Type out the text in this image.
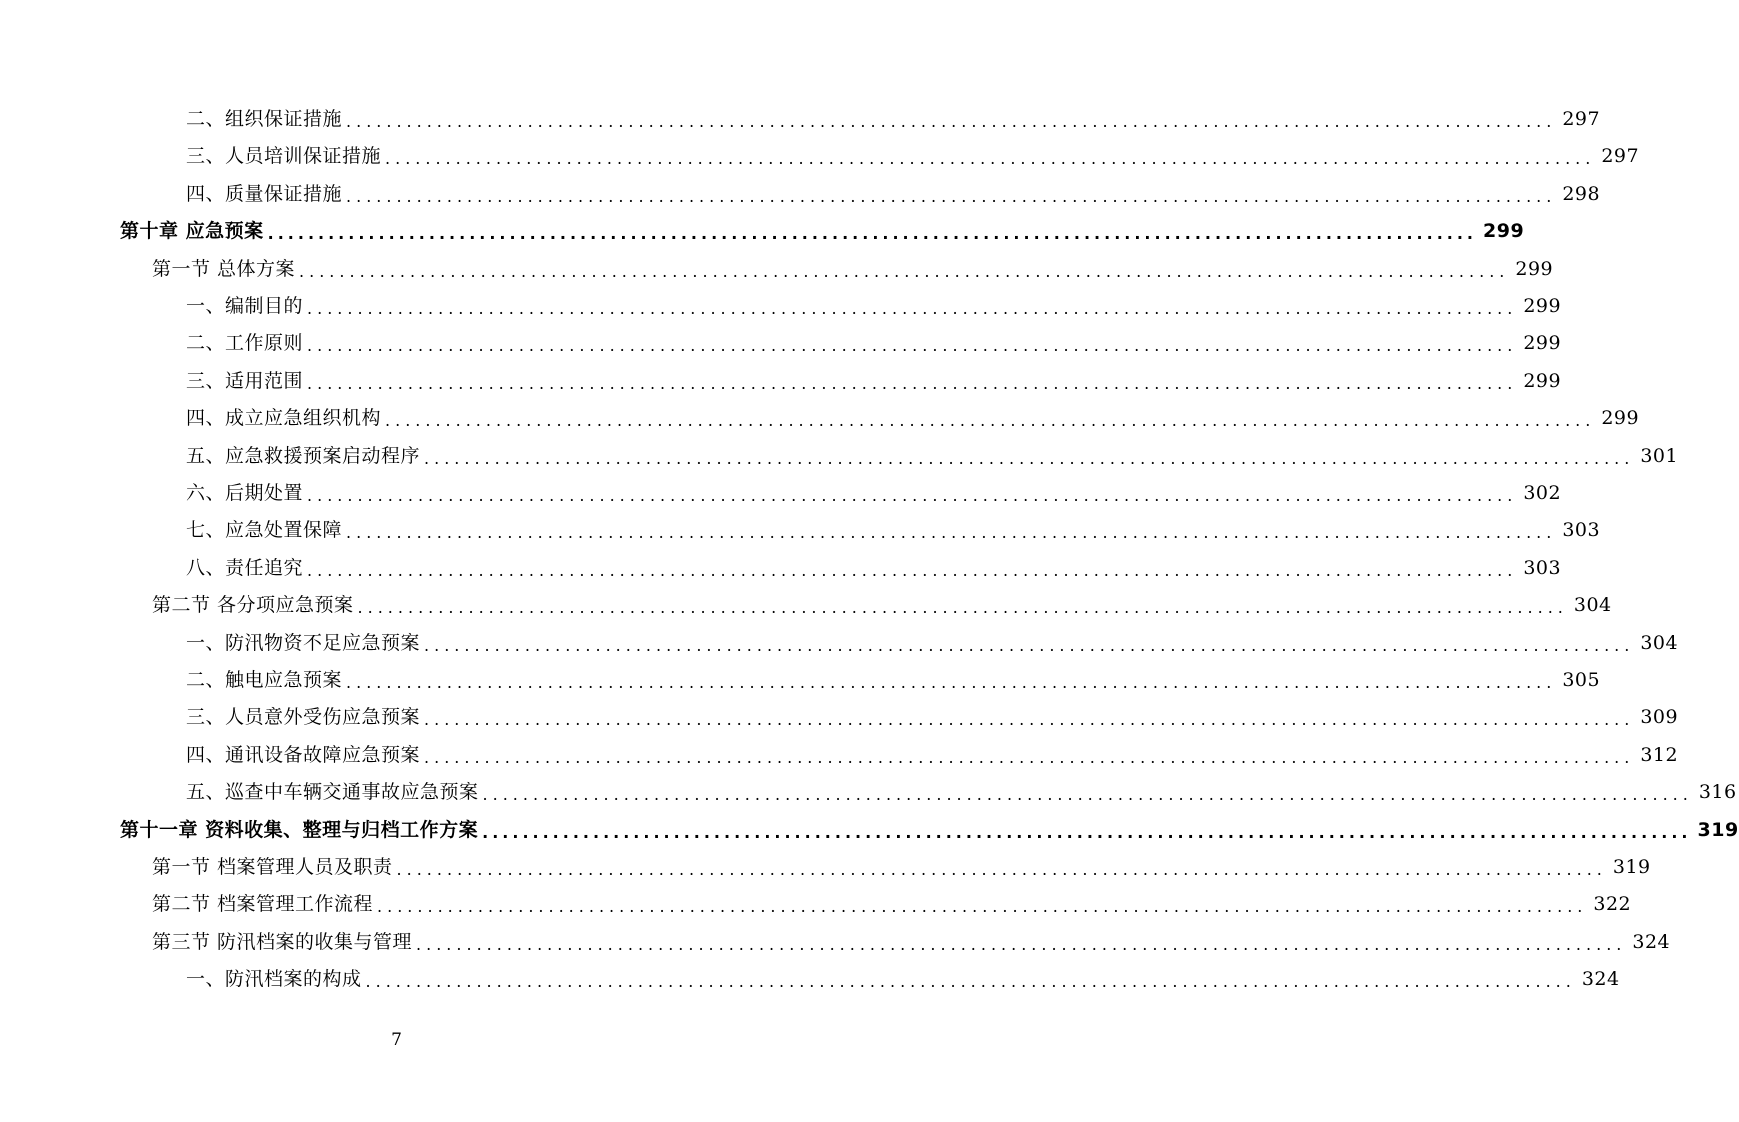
二、组织保证措施 ........................................................................................................................ 297
三、人员培训保证措施 ........................................................................................................................ 297
四、质量保证措施 ........................................................................................................................ 298
第十章 应急预案 ........................................................................................................................ 299
第一节 总体方案 ........................................................................................................................ 299
一、编制目的 ........................................................................................................................ 299
二、工作原则 ........................................................................................................................ 299
三、适用范围 ........................................................................................................................ 299
四、成立应急组织机构 ........................................................................................................................ 299
五、应急救援预案启动程序 ........................................................................................................................ 301
六、后期处置 ........................................................................................................................ 302
七、应急处置保障 ........................................................................................................................ 303
八、责任追究 ........................................................................................................................ 303
第二节 各分项应急预案 ........................................................................................................................ 304
一、防汛物资不足应急预案 ........................................................................................................................ 304
二、触电应急预案 ........................................................................................................................ 305
三、人员意外受伤应急预案 ........................................................................................................................ 309
四、通讯设备故障应急预案 ........................................................................................................................ 312
五、巡查中车辆交通事故应急预案 ........................................................................................................................ 316
第十一章 资料收集、整理与归档工作方案 ........................................................................................................................ 319
第一节 档案管理人员及职责 ........................................................................................................................ 319
第二节 档案管理工作流程 ........................................................................................................................ 322
第三节 防汛档案的收集与管理 ........................................................................................................................ 324
一、防汛档案的构成 ........................................................................................................................ 324
7
